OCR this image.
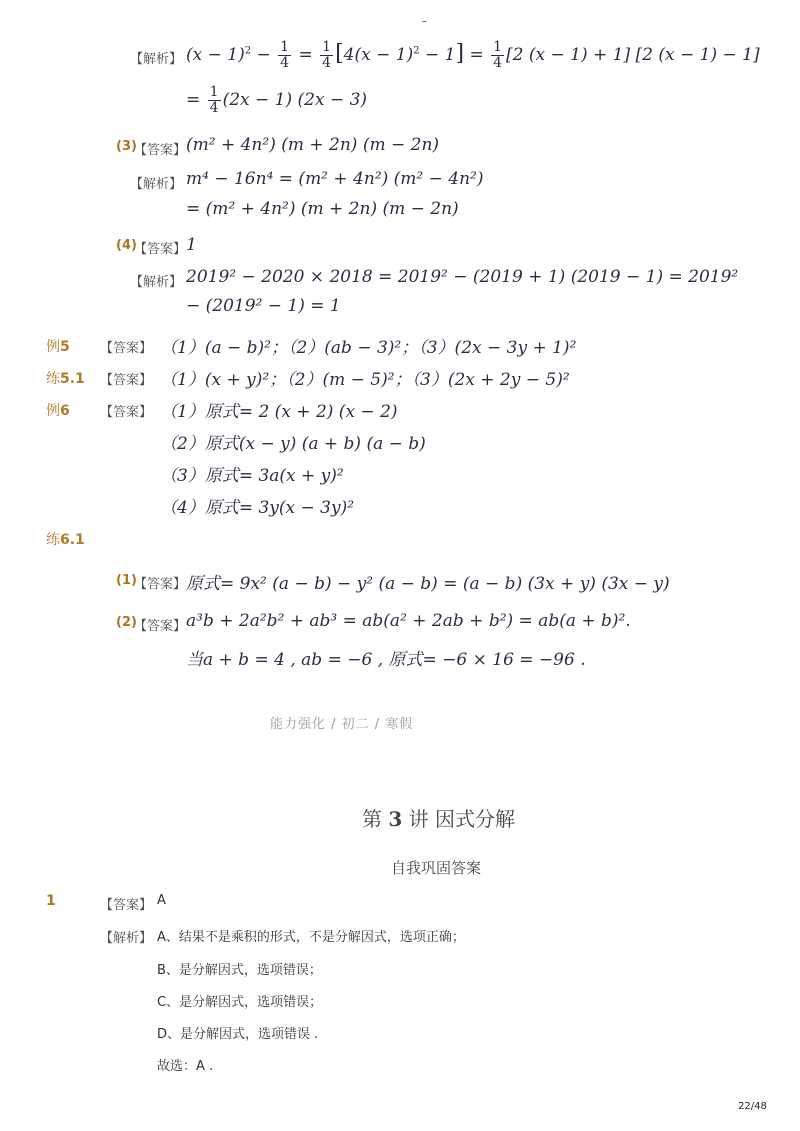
-
【解析】 $(x - 1)^2 - \frac{1}{4} = \frac{1}{4} [4(x - 1)^2 - 1] = \frac{1}{4} [2$ (x − 1) + 1] [2 (x − 1) − 1]
= $\frac{1}{4} (2x - 1) (2x - 3)$
(3)
【答案】 (m² + 4n²) (m + 2n) (m − 2n)
【解析】 m⁴ − 16n⁴ = (m² + 4n²) (m² − 4n²)
= (m² + 4n²) (m + 2n) (m − 2n)
(4)
【答案】 1
【解析】 2019² − 2020 × 2018 = 2019² − (2019 + 1) (2019 − 1) = 2019²
− (2019² − 1) = 1
例5 【答案】 （1）(a − b)²；（2）(ab − 3)²；（3）(2x − 3y + 1)²
练5.1 【答案】 （1）(x + y)²；（2）(m − 5)²；（3）(2x + 2y − 5)²
例6 【答案】 （1）原式= 2 (x + 2) (x − 2)
（2）原式(x − y) (a + b) (a − b)
（3）原式= 3a(x + y)²
（4）原式= 3y(x − 3y)²
练6.1
(1)
【答案】 原式= 9x² (a − b) − y² (a − b) = (a − b) (3x + y) (3x − y)
(2)
【答案】 a³b + 2a²b² + ab³ = ab(a² + 2ab + b²) = ab(a + b)².
当a + b = 4 , ab = −6 , 原式= −6 × 16 = −96 .
能力强化 / 初二 / 寒假
第 3 讲 因式分解
自我巩固答案
1	【答案】 A
【解析】 A、结果不是乘积的形式，不是分解因式，选项正确；
B、是分解因式，选项错误；
C、是分解因式，选项错误；
D、是分解因式，选项错误 .
故选：A .
22/48
